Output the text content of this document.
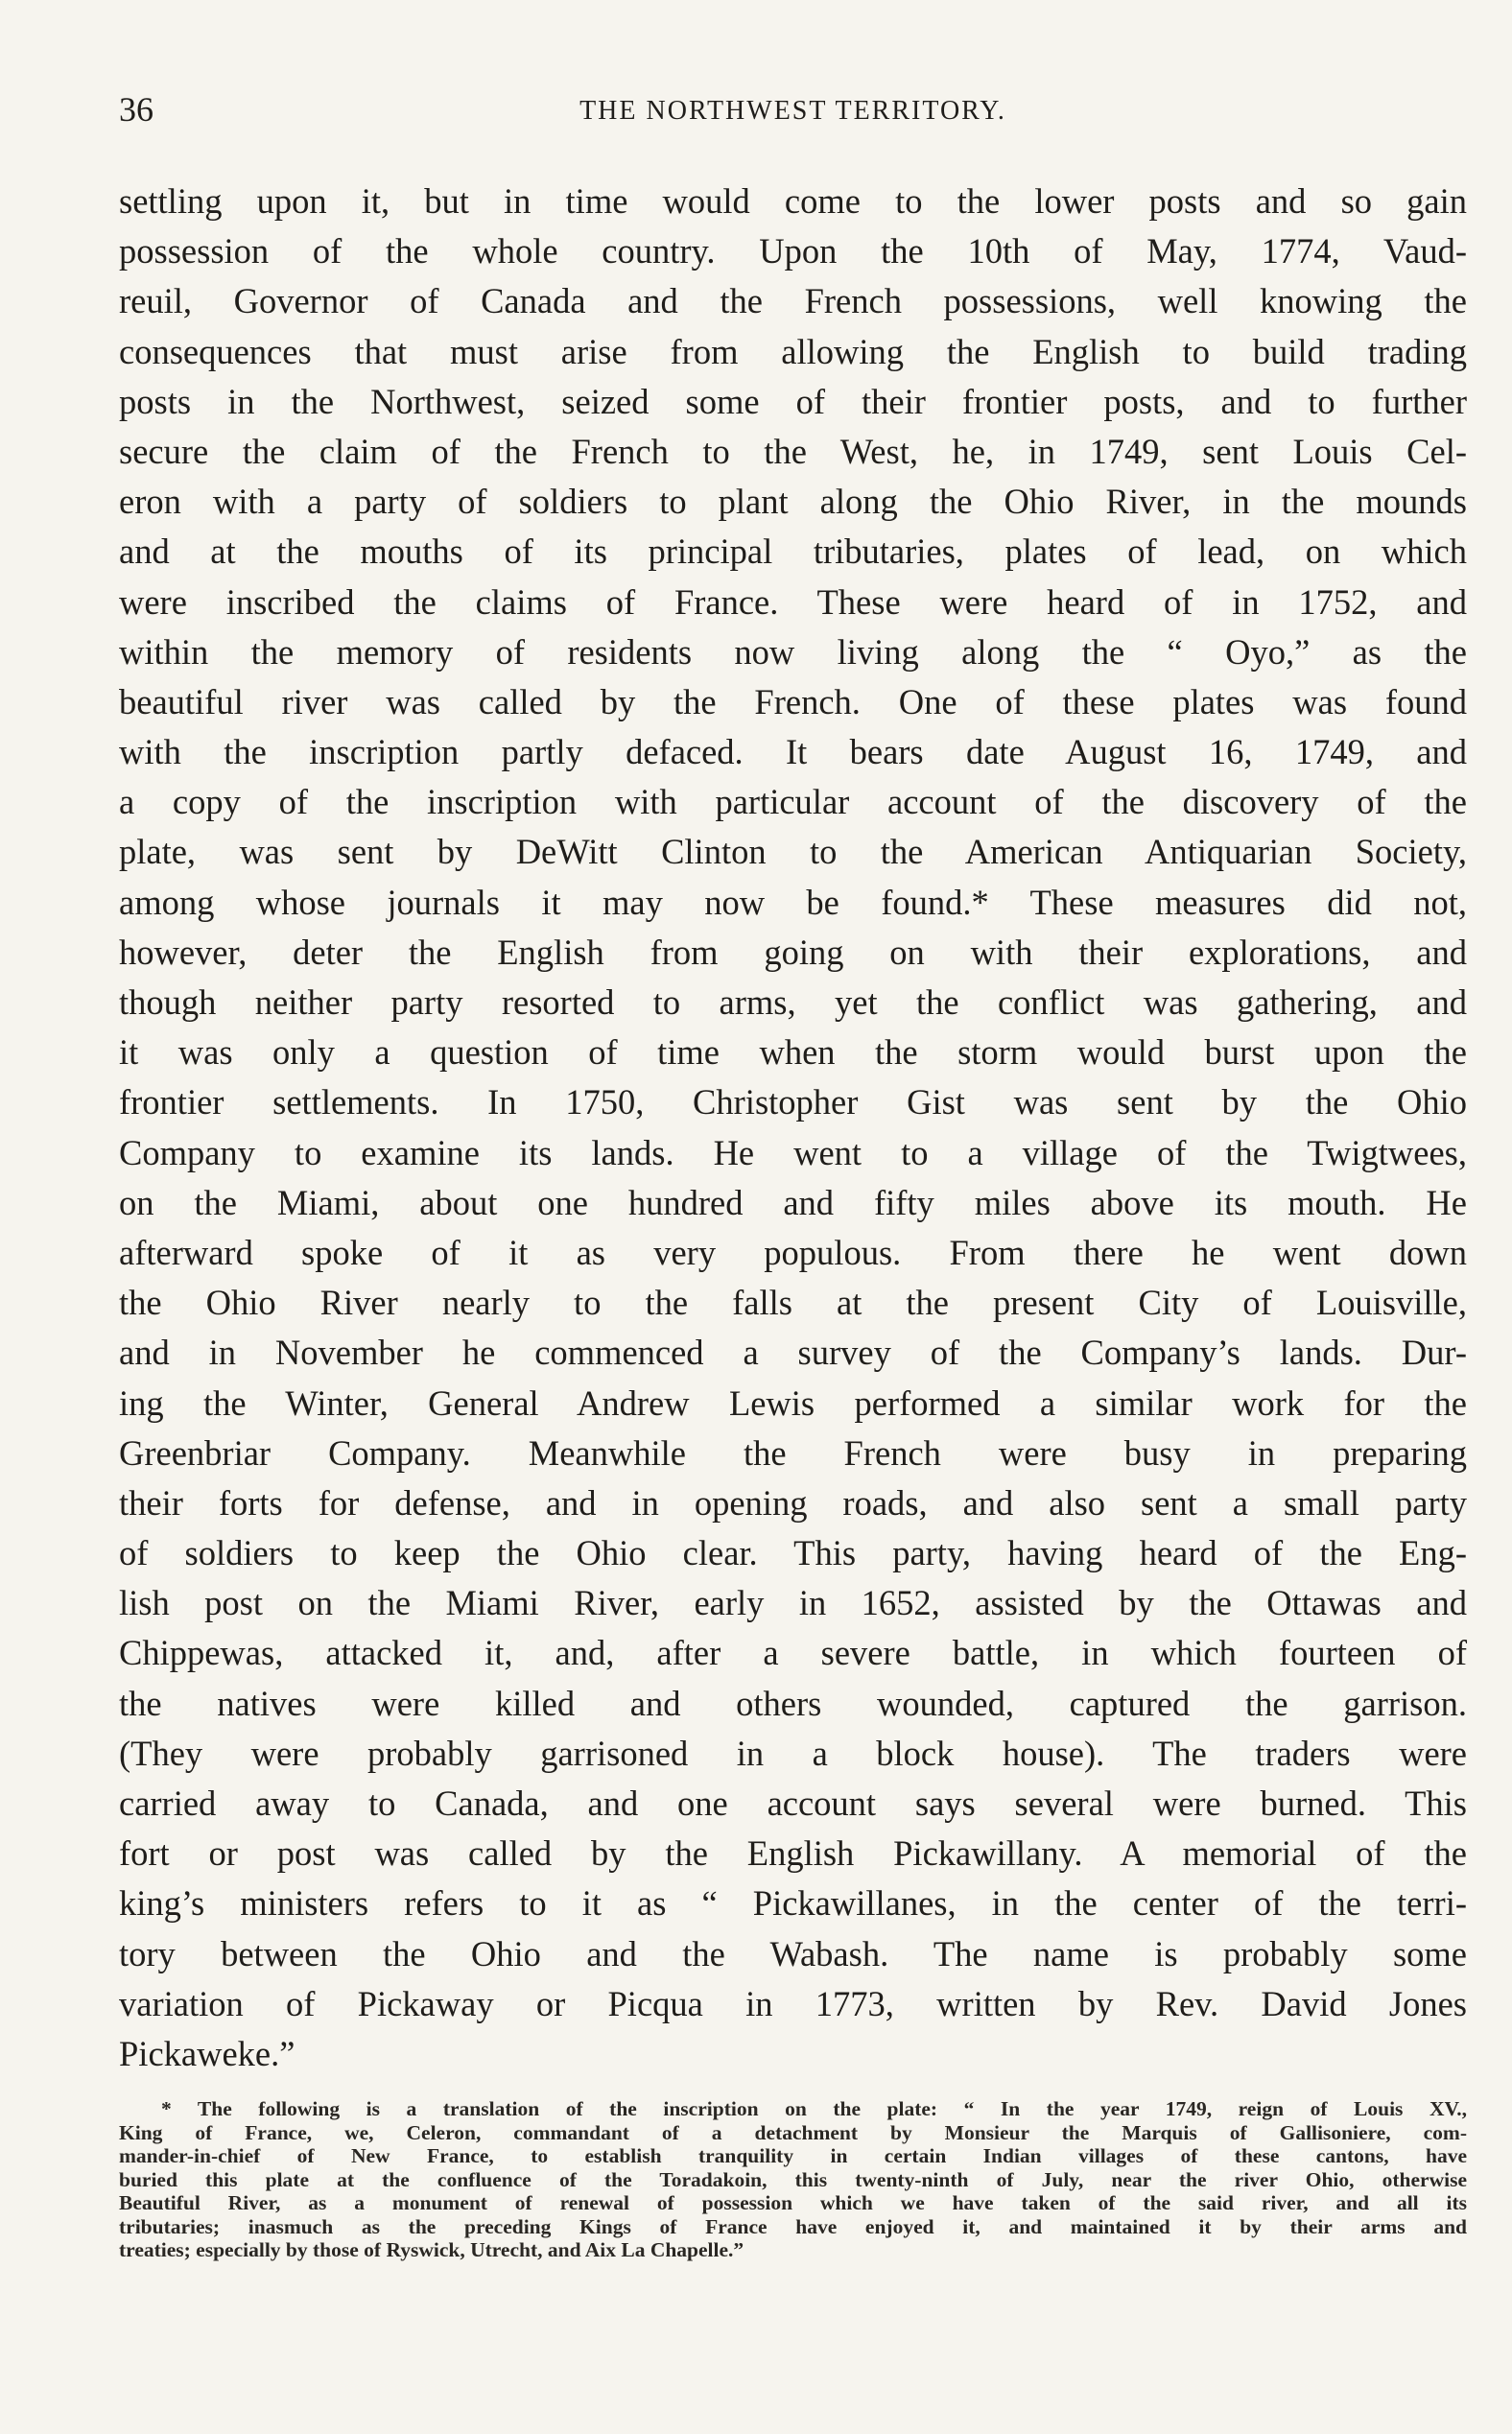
36	THE NORTHWEST TERRITORY.
settling upon it, but in time would come to the lower posts and so gain
possession of the whole country. Upon the 10th of May, 1774, Vaud-
reuil, Governor of Canada and the French possessions, well knowing the
consequences that must arise from allowing the English to build trading
posts in the Northwest, seized some of their frontier posts, and to further
secure the claim of the French to the West, he, in 1749, sent Louis Cel-
eron with a party of soldiers to plant along the Ohio River, in the mounds
and at the mouths of its principal tributaries, plates of lead, on which
were inscribed the claims of France. These were heard of in 1752, and
within the memory of residents now living along the “ Oyo,” as the
beautiful river was called by the French. One of these plates was found
with the inscription partly defaced. It bears date August 16, 1749, and
a copy of the inscription with particular account of the discovery of the
plate, was sent by DeWitt Clinton to the American Antiquarian Society,
among whose journals it may now be found.* These measures did not,
however, deter the English from going on with their explorations, and
though neither party resorted to arms, yet the conflict was gathering, and
it was only a question of time when the storm would burst upon the
frontier settlements. In 1750, Christopher Gist was sent by the Ohio
Company to examine its lands. He went to a village of the Twigtwees,
on the Miami, about one hundred and fifty miles above its mouth. He
afterward spoke of it as very populous. From there he went down
the Ohio River nearly to the falls at the present City of Louisville,
and in November he commenced a survey of the Company’s lands. Dur-
ing the Winter, General Andrew Lewis performed a similar work for the
Greenbriar Company. Meanwhile the French were busy in preparing
their forts for defense, and in opening roads, and also sent a small party
of soldiers to keep the Ohio clear. This party, having heard of the Eng-
lish post on the Miami River, early in 1652, assisted by the Ottawas and
Chippewas, attacked it, and, after a severe battle, in which fourteen of
the natives were killed and others wounded, captured the garrison.
(They were probably garrisoned in a block house). The traders were
carried away to Canada, and one account says several were burned. This
fort or post was called by the English Pickawillany. A memorial of the
king’s ministers refers to it as “ Pickawillanes, in the center of the terri-
tory between the Ohio and the Wabash. The name is probably some
variation of Pickaway or Picqua in 1773, written by Rev. David Jones
Pickaweke.”
* The following is a translation of the inscription on the plate: “ In the year 1749, reign of Louis XV.,
King of France, we, Celeron, commandant of a detachment by Monsieur the Marquis of Gallisoniere, com-
mander-in-chief of New France, to establish tranquility in certain Indian villages of these cantons, have
buried this plate at the confluence of the Toradakoin, this twenty-ninth of July, near the river Ohio, otherwise
Beautiful River, as a monument of renewal of possession which we have taken of the said river, and all its
tributaries; inasmuch as the preceding Kings of France have enjoyed it, and maintained it by their arms and
treaties; especially by those of Ryswick, Utrecht, and Aix La Chapelle.”
